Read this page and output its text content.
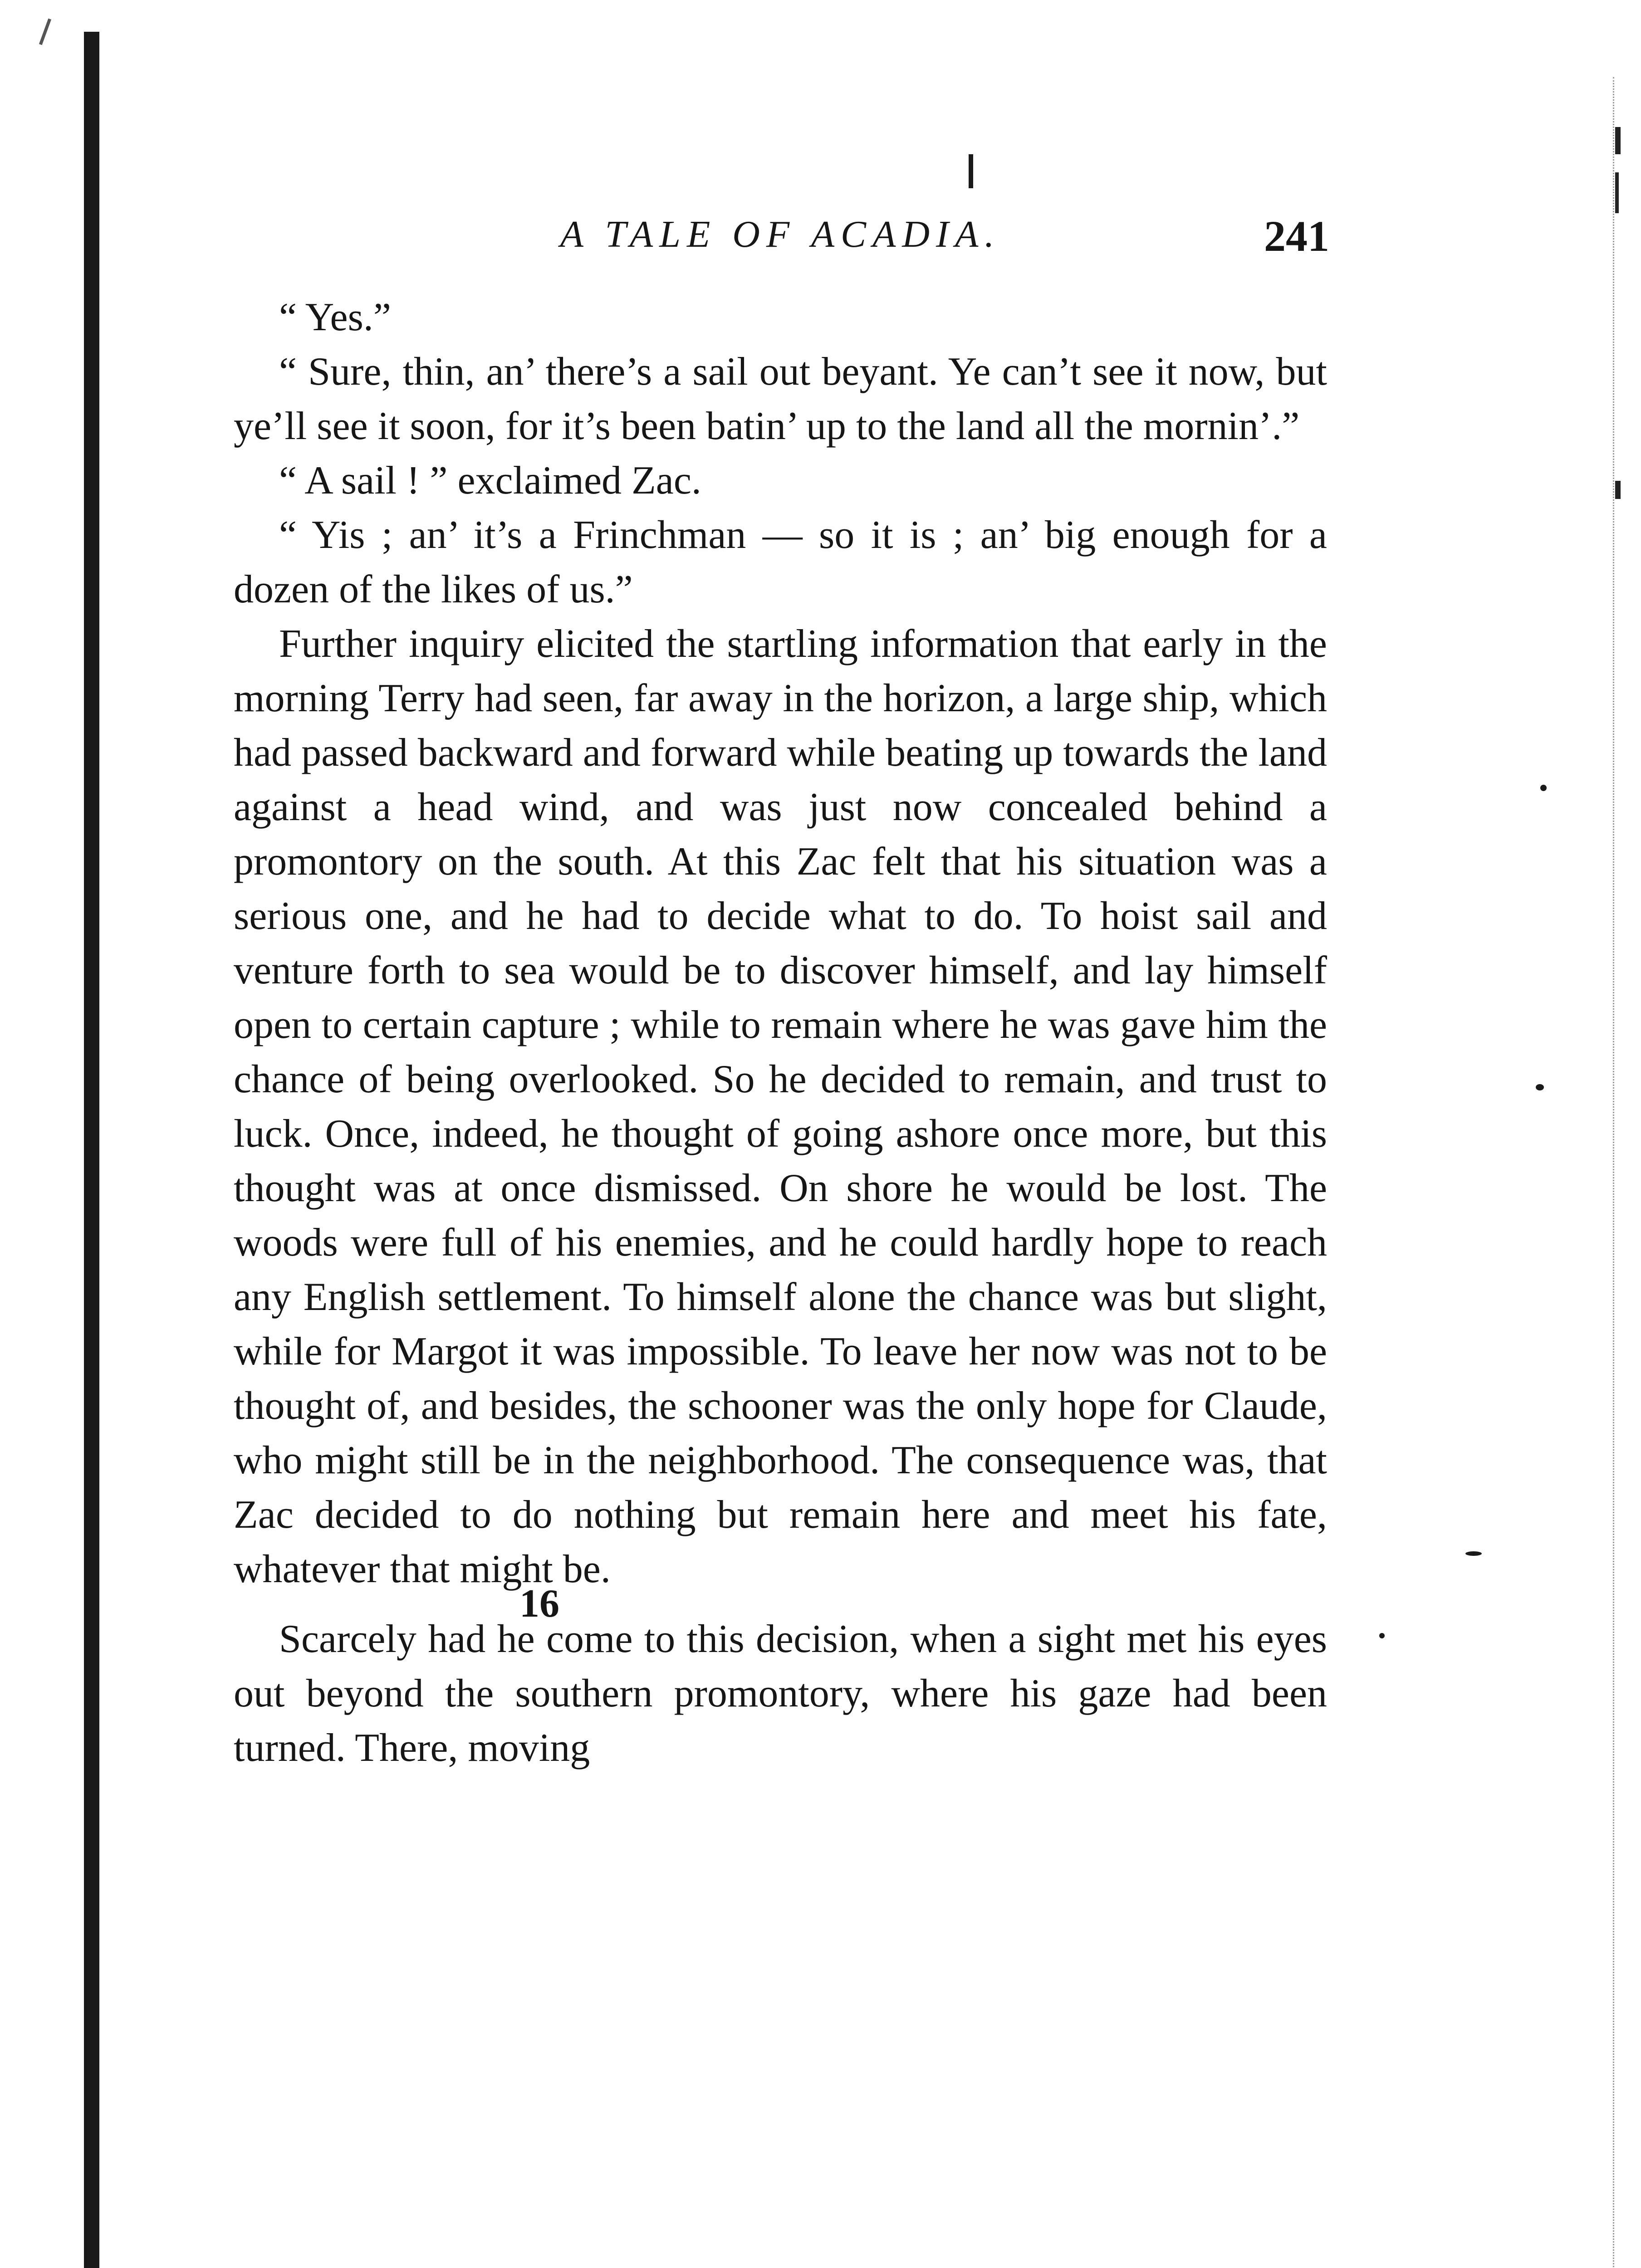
A TALE OF ACADIA.	241

“ Yes.”

“ Sure, thin, an’ there’s a sail out beyant. Ye can’t see it now, but ye’ll see it soon, for it’s been batin’ up to the land all the mornin’.”

“ A sail ! ” exclaimed Zac.

“ Yis ; an’ it’s a Frinchman — so it is ; an’ big enough for a dozen of the likes of us.”

Further inquiry elicited the startling information that early in the morning Terry had seen, far away in the horizon, a large ship, which had passed backward and forward while beating up towards the land against a head wind, and was just now concealed behind a promontory on the south. At this Zac felt that his situation was a serious one, and he had to decide what to do. To hoist sail and venture forth to sea would be to discover himself, and lay himself open to certain capture ; while to remain where he was gave him the chance of being overlooked. So he decided to remain, and trust to luck. Once, indeed, he thought of going ashore once more, but this thought was at once dismissed. On shore he would be lost. The woods were full of his enemies, and he could hardly hope to reach any English settlement. To himself alone the chance was but slight, while for Margot it was impossible. To leave her now was not to be thought of, and besides, the schooner was the only hope for Claude, who might still be in the neighborhood. The consequence was, that Zac decided to do nothing but remain here and meet his fate, whatever that might be.

Scarcely had he come to this decision, when a sight met his eyes out beyond the southern promontory, where his gaze had been turned. There, moving

16
